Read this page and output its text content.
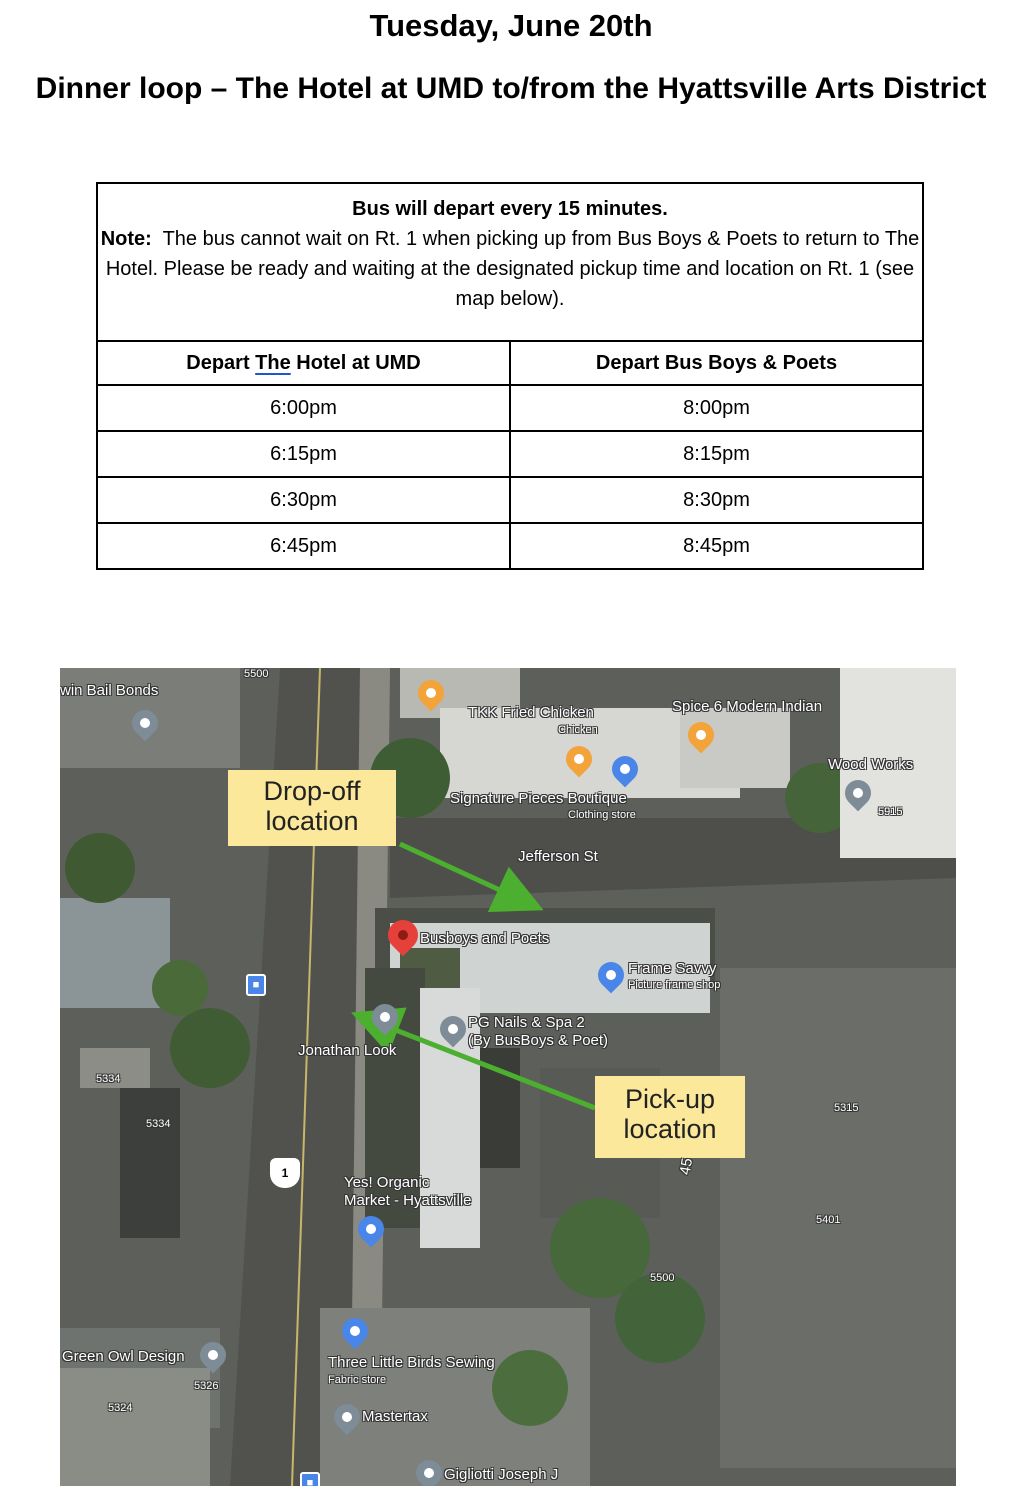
Tuesday, June 20th
Dinner loop – The Hotel at UMD to/from the Hyattsville Arts District
Bus will depart every 15 minutes.
Note: The bus cannot wait on Rt. 1 when picking up from Bus Boys & Poets to return to The Hotel. Please be ready and waiting at the designated pickup time and location on Rt. 1 (see map below).	
Depart The Hotel at UMD	Depart Bus Boys & Poets
6:00pm	8:00pm
6:15pm	8:15pm
6:30pm	8:30pm
6:45pm	8:45pm
Drop-off
location
Pick-up
location
■
■
1
win Bail Bonds
TKK Fried Chicken
Chicken
Spice 6 Modern Indian
Wood Works
Signature Pieces Boutique
Clothing store
Jefferson St
Busboys and Poets
Frame Savvy
Picture frame shop
PG Nails & Spa 2
(By BusBoys & Poet)
Jonathan Look
Yes! Organic
Market - Hyattsville
Green Owl Design	Three Little Birds Sewing
Fabric store
Mastertax
Gigliotti Joseph J
5500
5915
5334
5334
5315
5401
5500
5326
5324
45
